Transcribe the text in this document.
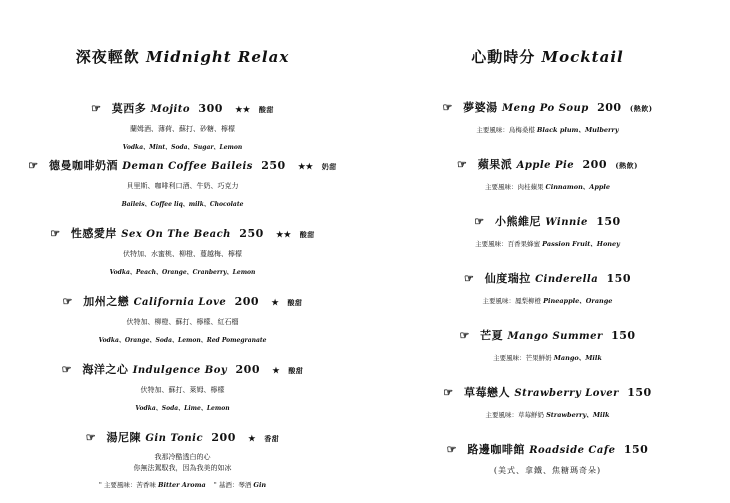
深夜輕飲 Midnight Relax
☞ 莫西多 Mojito 300 ★★ 酸甜
蘭姆酒、薄荷、蘇打、砂糖、檸檬
Vodka、Mint、Soda、Sugar、Lemon
☞ 德曼咖啡奶酒 Deman Coffee Baileis 250 ★★ 奶甜
貝里斯、咖啡利口酒、牛奶、巧克力
Baileis、Coffee liq、milk、Chocolate
☞ 性感愛岸 Sex On The Beach 250 ★★ 酸甜
伏特加、水蜜桃、柳橙、蔓越梅、檸檬
Vodka、Peach、Orange、Cranberry、Lemon
☞ 加州之戀 California Love 200 ★ 酸甜
伏特加、柳橙、蘇打、檸檬、紅石榴
Vodka、Orange、Soda、Lemon、Red Pomegranate
☞ 海洋之心 Indulgence Boy 200 ★ 酸甜
伏特加、蘇打、萊姆、檸檬
Vodka、Soda、Lime、Lemon
☞ 湯尼陳 Gin Tonic 200 ★ 香甜
我那冷酷透白的心
你無法駕馭我，因為我美的如冰
" 主要風味：苦香味 Bitter Aroma " 基酒：琴酒 Gin
心動時分 Mocktail
☞ 夢婆湯 Meng Po Soup 200 (熱飲)
主要風味：烏梅桑椹 Black plum、Mulberry
☞ 蘋果派 Apple Pie 200 (熱飲)
主要風味：肉桂蘋果 Cinnamon、Apple
☞ 小熊維尼 Winnie 150
主要風味：百香果蜂蜜 Passion Fruit、Honey
☞ 仙度瑞拉 Cinderella 150
主要風味：鳳梨柳橙 Pineapple、Orange
☞ 芒夏 Mango Summer 150
主要風味：芒果鮮奶 Mango、Milk
☞ 草莓戀人 Strawberry Lover 150
主要風味：草莓鮮奶 Strawberry、Milk
☞ 路邊咖啡館 Roadside Cafe 150
(美式、拿鐵、焦糖瑪奇朵)
